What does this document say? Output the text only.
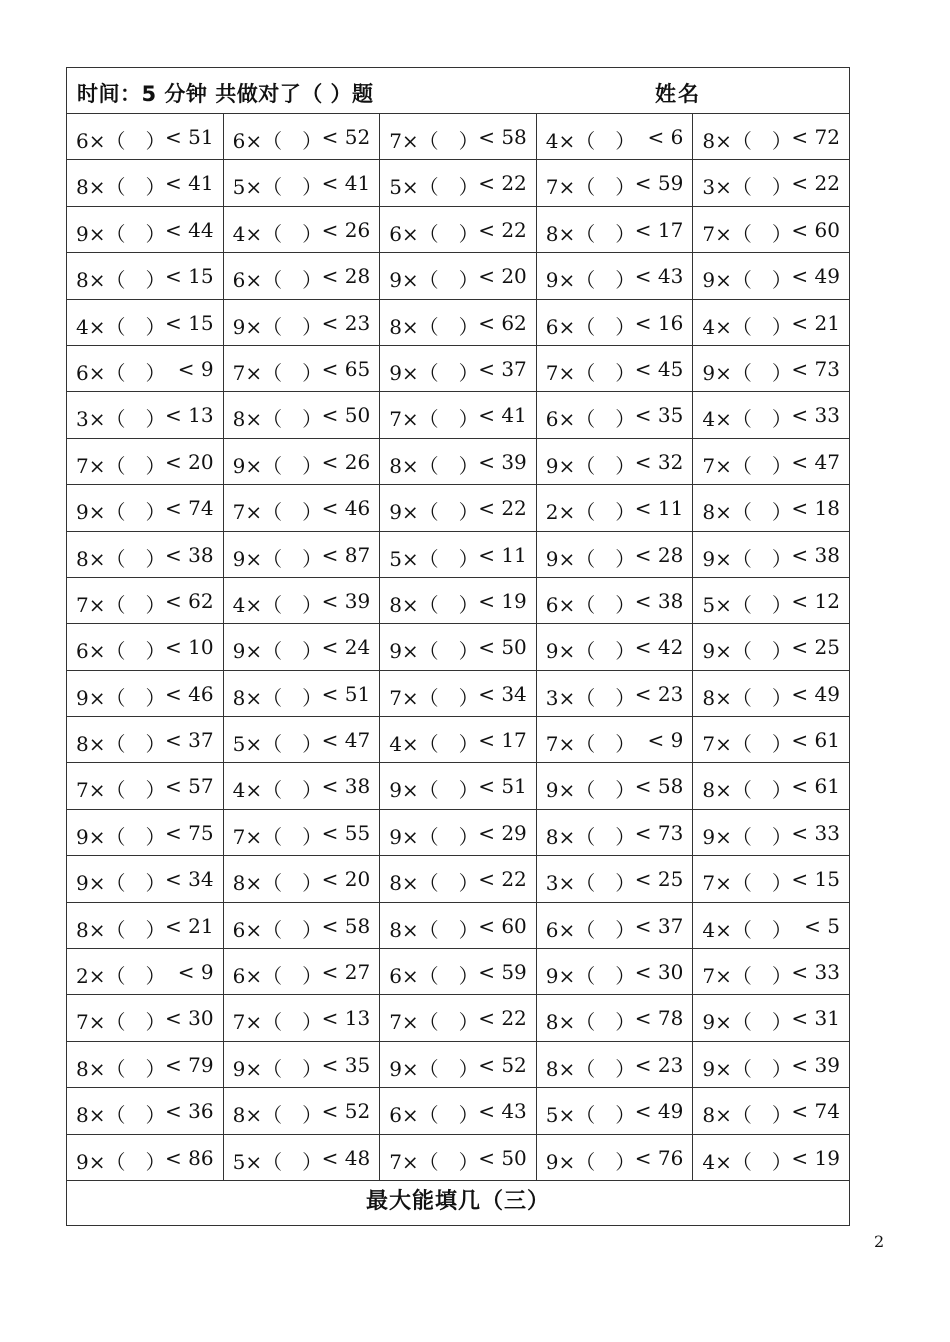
时间：5 分钟 共做对了（ ）题 姓名				

6×（　） < 51	6×（　） < 52	7×（　） < 58	4×（　） < 6	8×（　） < 72

8×（　） < 41	5×（　） < 41	5×（　） < 22	7×（　） < 59	3×（　） < 22

9×（　） < 44	4×（　） < 26	6×（　） < 22	8×（　） < 17	7×（　） < 60

8×（　） < 15	6×（　） < 28	9×（　） < 20	9×（　） < 43	9×（　） < 49

4×（　） < 15	9×（　） < 23	8×（　） < 62	6×（　） < 16	4×（　） < 21

6×（　） < 9	7×（　） < 65	9×（　） < 37	7×（　） < 45	9×（　） < 73

3×（　） < 13	8×（　） < 50	7×（　） < 41	6×（　） < 35	4×（　） < 33

7×（　） < 20	9×（　） < 26	8×（　） < 39	9×（　） < 32	7×（　） < 47

9×（　） < 74	7×（　） < 46	9×（　） < 22	2×（　） < 11	8×（　） < 18

8×（　） < 38	9×（　） < 87	5×（　） < 11	9×（　） < 28	9×（　） < 38

7×（　） < 62	4×（　） < 39	8×（　） < 19	6×（　） < 38	5×（　） < 12

6×（　） < 10	9×（　） < 24	9×（　） < 50	9×（　） < 42	9×（　） < 25

9×（　） < 46	8×（　） < 51	7×（　） < 34	3×（　） < 23	8×（　） < 49

8×（　） < 37	5×（　） < 47	4×（　） < 17	7×（　） < 9	7×（　） < 61

7×（　） < 57	4×（　） < 38	9×（　） < 51	9×（　） < 58	8×（　） < 61

9×（　） < 75	7×（　） < 55	9×（　） < 29	8×（　） < 73	9×（　） < 33

9×（　） < 34	8×（　） < 20	8×（　） < 22	3×（　） < 25	7×（　） < 15

8×（　） < 21	6×（　） < 58	8×（　） < 60	6×（　） < 37	4×（　） < 5

2×（　） < 9	6×（　） < 27	6×（　） < 59	9×（　） < 30	7×（　） < 33

7×（　） < 30	7×（　） < 13	7×（　） < 22	8×（　） < 78	9×（　） < 31

8×（　） < 79	9×（　） < 35	9×（　） < 52	8×（　） < 23	9×（　） < 39

8×（　） < 36	8×（　） < 52	6×（　） < 43	5×（　） < 49	8×（　） < 74

9×（　） < 86	5×（　） < 48	7×（　） < 50	9×（　） < 76	4×（　） < 19

最大能填几（三）				
2
